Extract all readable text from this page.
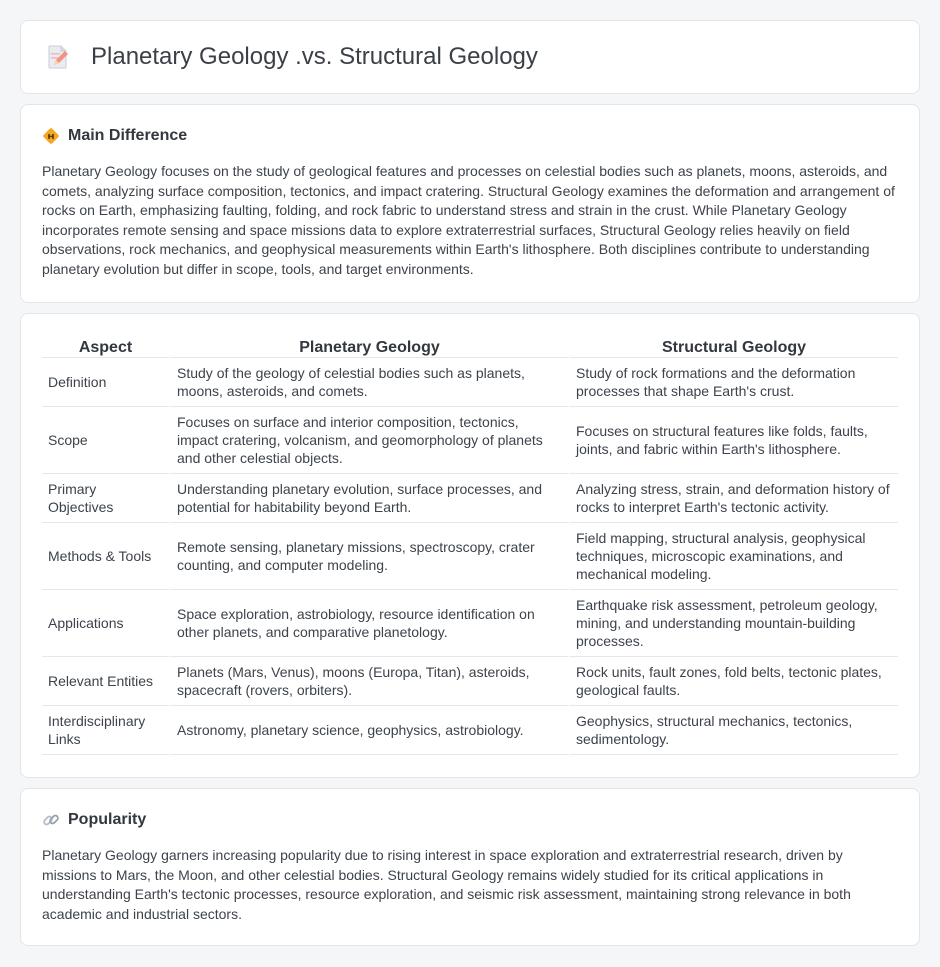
Planetary Geology .vs. Structural Geology
Main Difference

Planetary Geology focuses on the study of geological features and processes on celestial bodies such as planets, moons, asteroids, and comets, analyzing surface composition, tectonics, and impact cratering. Structural Geology examines the deformation and arrangement of rocks on Earth, emphasizing faulting, folding, and rock fabric to understand stress and strain in the crust. While Planetary Geology incorporates remote sensing and space missions data to explore extraterrestrial surfaces, Structural Geology relies heavily on field observations, rock mechanics, and geophysical measurements within Earth's lithosphere. Both disciplines contribute to understanding planetary evolution but differ in scope, tools, and target environments.

Aspect	Planetary Geology	Structural Geology
Definition	Study of the geology of celestial bodies such as planets, moons, asteroids, and comets.	Study of rock formations and the deformation processes that shape Earth's crust.
Scope	Focuses on surface and interior composition, tectonics, impact cratering, volcanism, and geomorphology of planets and other celestial objects.	Focuses on structural features like folds, faults, joints, and fabric within Earth's lithosphere.
Primary Objectives	Understanding planetary evolution, surface processes, and potential for habitability beyond Earth.	Analyzing stress, strain, and deformation history of rocks to interpret Earth's tectonic activity.
Methods & Tools	Remote sensing, planetary missions, spectroscopy, crater counting, and computer modeling.	Field mapping, structural analysis, geophysical techniques, microscopic examinations, and mechanical modeling.
Applications	Space exploration, astrobiology, resource identification on other planets, and comparative planetology.	Earthquake risk assessment, petroleum geology, mining, and understanding mountain-building processes.
Relevant Entities	Planets (Mars, Venus), moons (Europa, Titan), asteroids, spacecraft (rovers, orbiters).	Rock units, fault zones, fold belts, tectonic plates, geological faults.
Interdisciplinary Links	Astronomy, planetary science, geophysics, astrobiology.	Geophysics, structural mechanics, tectonics, sedimentology.
Popularity

Planetary Geology garners increasing popularity due to rising interest in space exploration and extraterrestrial research, driven by missions to Mars, the Moon, and other celestial bodies. Structural Geology remains widely studied for its critical applications in understanding Earth's tectonic processes, resource exploration, and seismic risk assessment, maintaining strong relevance in both academic and industrial sectors.
